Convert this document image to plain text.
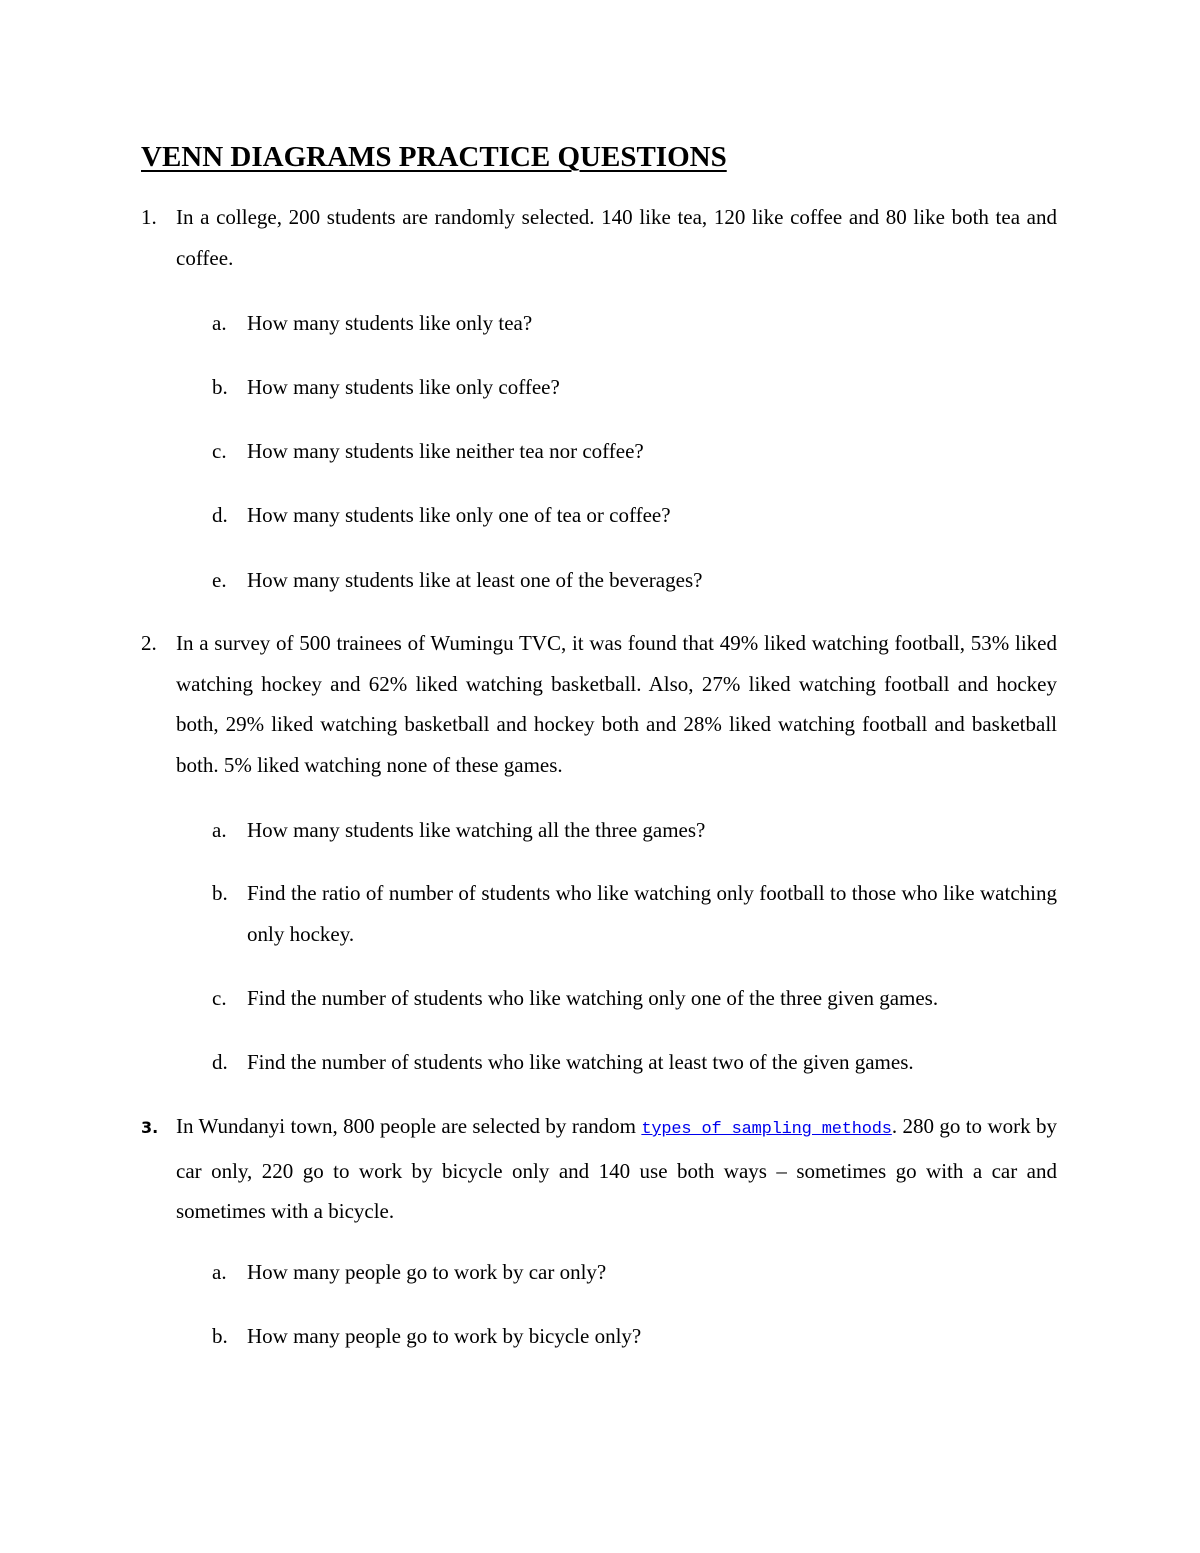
VENN DIAGRAMS PRACTICE QUESTIONS
1. In a college, 200 students are randomly selected. 140 like tea, 120 like coffee and 80 like both tea and coffee.
a. How many students like only tea?
b. How many students like only coffee?
c. How many students like neither tea nor coffee?
d. How many students like only one of tea or coffee?
e. How many students like at least one of the beverages?
2. In a survey of 500 trainees of Wumingu TVC, it was found that 49% liked watching football, 53% liked watching hockey and 62% liked watching basketball. Also, 27% liked watching football and hockey both, 29% liked watching basketball and hockey both and 28% liked watching football and basketball both. 5% liked watching none of these games.
a. How many students like watching all the three games?
b. Find the ratio of number of students who like watching only football to those who like watching only hockey.
c. Find the number of students who like watching only one of the three given games.
d. Find the number of students who like watching at least two of the given games.
3. In Wundanyi town, 800 people are selected by random types of sampling methods. 280 go to work by car only, 220 go to work by bicycle only and 140 use both ways – sometimes go with a car and sometimes with a bicycle.
a. How many people go to work by car only?
b. How many people go to work by bicycle only?
